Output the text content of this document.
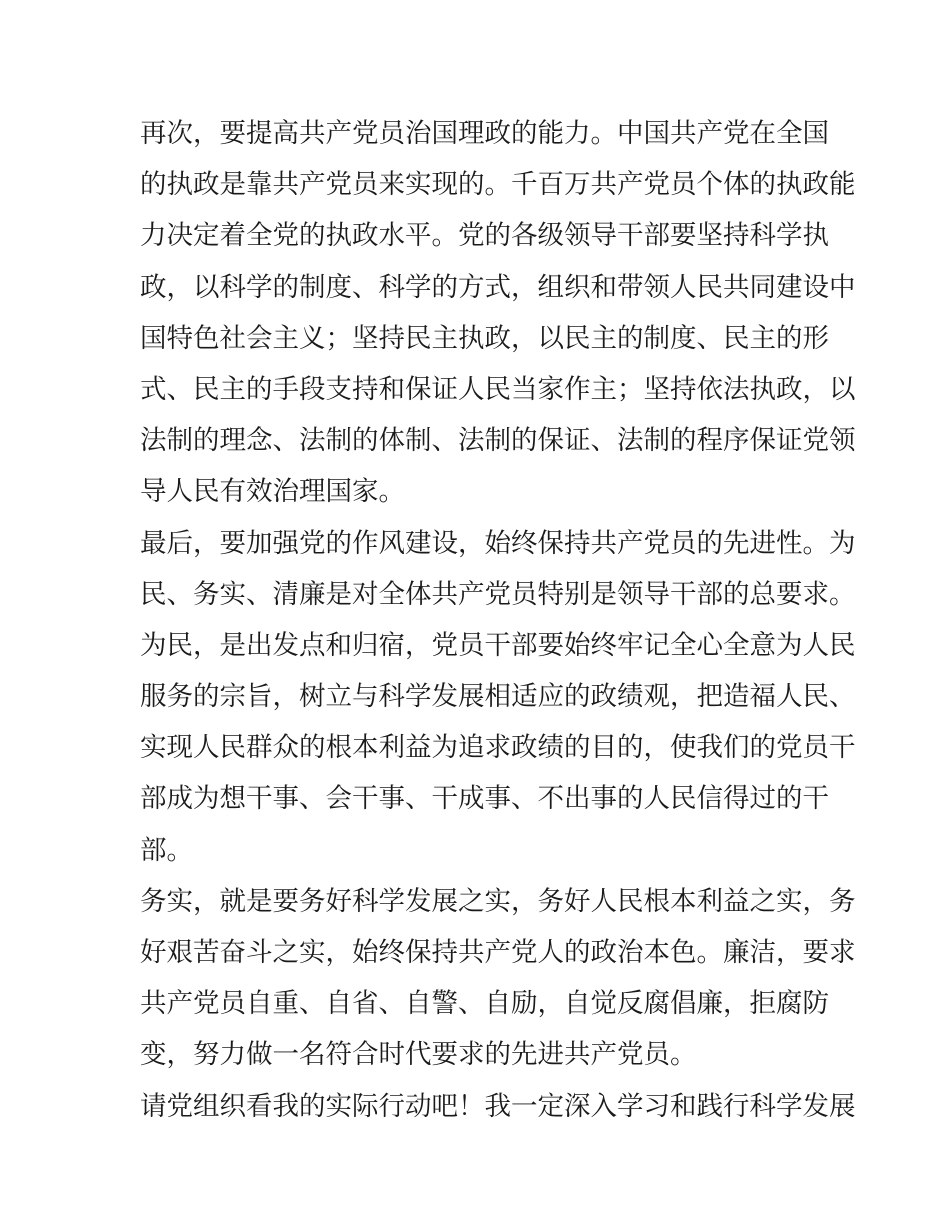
再次，要提高共产党员治国理政的能力。中国共产党在全国
的执政是靠共产党员来实现的。千百万共产党员个体的执政能
力决定着全党的执政水平。党的各级领导干部要坚持科学执
政，以科学的制度、科学的方式，组织和带领人民共同建设中
国特色社会主义；坚持民主执政，以民主的制度、民主的形
式、民主的手段支持和保证人民当家作主；坚持依法执政，以
法制的理念、法制的体制、法制的保证、法制的程序保证党领
导人民有效治理国家。
最后，要加强党的作风建设，始终保持共产党员的先进性。为
民、务实、清廉是对全体共产党员特别是领导干部的总要求。
为民，是出发点和归宿，党员干部要始终牢记全心全意为人民
服务的宗旨，树立与科学发展相适应的政绩观，把造福人民、
实现人民群众的根本利益为追求政绩的目的，使我们的党员干
部成为想干事、会干事、干成事、不出事的人民信得过的干
部。
务实，就是要务好科学发展之实，务好人民根本利益之实，务
好艰苦奋斗之实，始终保持共产党人的政治本色。廉洁，要求
共产党员自重、自省、自警、自励，自觉反腐倡廉，拒腐防
变，努力做一名符合时代要求的先进共产党员。
请党组织看我的实际行动吧！我一定深入学习和践行科学发展
